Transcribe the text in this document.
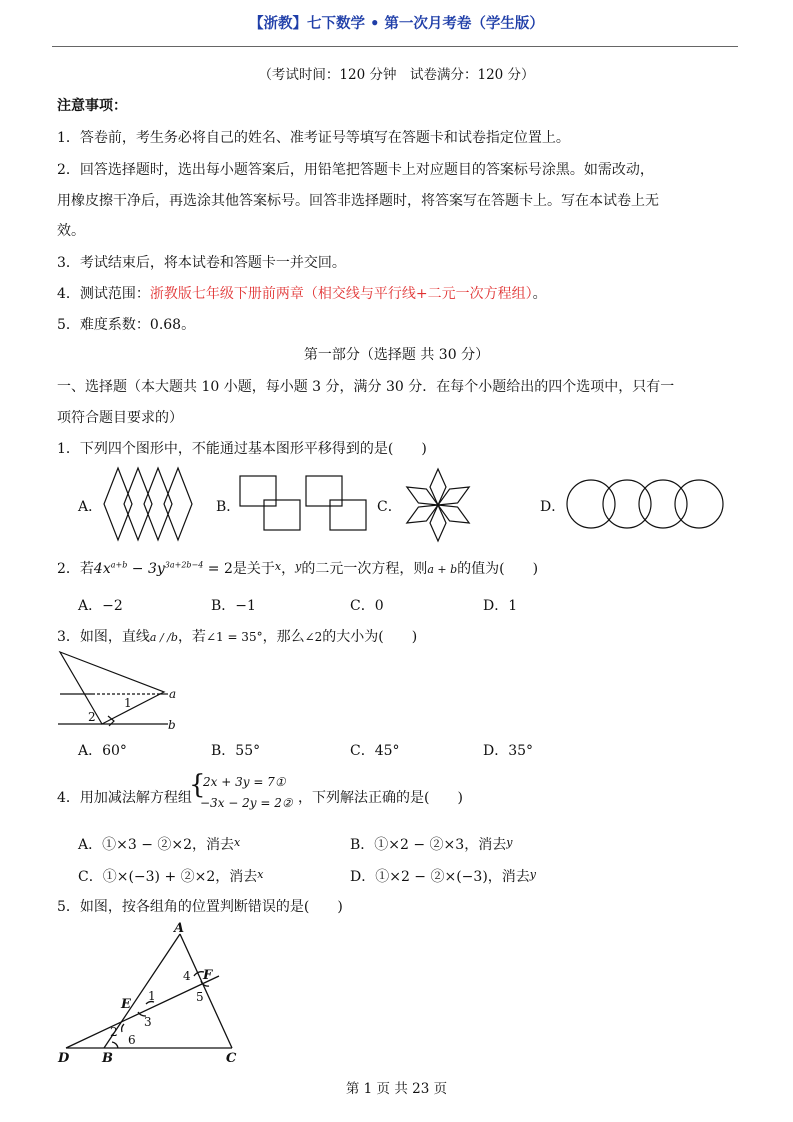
【浙教】七下数学 • 第一次月考卷（学生版）
（考试时间：120 分钟　试卷满分：120 分）
注意事项：
1．答卷前，考生务必将自己的姓名、准考证号等填写在答题卡和试卷指定位置上。
2．回答选择题时，选出每小题答案后，用铅笔把答题卡上对应题目的答案标号涂黑。如需改动，
用橡皮擦干净后，再选涂其他答案标号。回答非选择题时，将答案写在答题卡上。写在本试卷上无
效。
3．考试结束后，将本试卷和答题卡一并交回。
4．测试范围：浙教版七年级下册前两章（相交线与平行线+二元一次方程组）。
5．难度系数：0.68。
第一部分（选择题 共 30 分）
一、选择题（本大题共 10 小题，每小题 3 分，满分 30 分．在每个小题给出的四个选项中，只有一
项符合题目要求的）
1．下列四个图形中，不能通过基本图形平移得到的是(　　)
A．	B．	C．	D．
2．若$4x^{a+b} - 3y^{3a+2b-4} = 2$是关于$^x$，$^y$的二元一次方程，则a + b的值为(　　)
A．−2	B．−1	C．0	D．1
3．如图，直线a / /b，若∠1 = 35°，那么∠2的大小为(　　)
a
b
1
2
A．60°	B．55°	C．45°	D．35°
4．用加减法解方程组
{
2x + 3y = 7①
−3x − 2y = 2② ，下列解法正确的是(　　)
A．①×3 − ②×2，消去$^x$	B．①×2 − ②×3，消去$^y$
C．①×(−3) + ②×2，消去$^x$	D．①×2 − ②×(−3)，消去$^y$
5．如图，按各组角的位置判断错误的是(　　)
A
B	C
D
E
F
1
2
3
4
5
6
第 1 页 共 23 页
